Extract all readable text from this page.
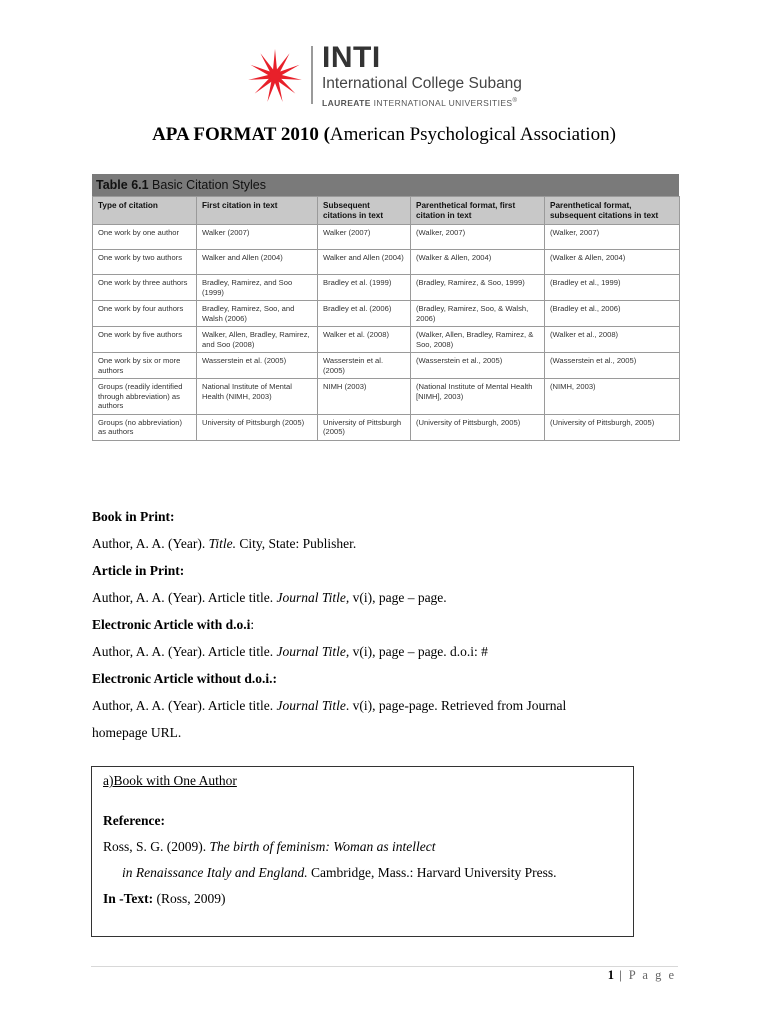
INTI
International College Subang
LAUREATE INTERNATIONAL UNIVERSITIES®
APA FORMAT 2010 (American Psychological Association)
Table 6.1 Basic Citation Styles
Type of citation	First citation in text	Subsequent citations in text	Parenthetical format, first citation in text	Parenthetical format, subsequent citations in text
One work by one author	Walker (2007)	Walker (2007)	(Walker, 2007)	(Walker, 2007)
One work by two authors	Walker and Allen (2004)	Walker and Allen (2004)	(Walker & Allen, 2004)	(Walker & Allen, 2004)
One work by three authors	Bradley, Ramirez, and Soo (1999)	Bradley et al. (1999)	(Bradley, Ramirez, & Soo, 1999)	(Bradley et al., 1999)
One work by four authors	Bradley, Ramirez, Soo, and Walsh (2006)	Bradley et al. (2006)	(Bradley, Ramirez, Soo, & Walsh, 2006)	(Bradley et al., 2006)
One work by five authors	Walker, Allen, Bradley, Ramirez, and Soo (2008)	Walker et al. (2008)	(Walker, Allen, Bradley, Ramirez, & Soo, 2008)	(Walker et al., 2008)
One work by six or more authors	Wasserstein et al. (2005)	Wasserstein et al. (2005)	(Wasserstein et al., 2005)	(Wasserstein et al., 2005)
Groups (readily identified through abbreviation) as authors	National Institute of Mental Health (NIMH, 2003)	NIMH (2003)	(National Institute of Mental Health [NIMH], 2003)	(NIMH, 2003)
Groups (no abbreviation) as authors	University of Pittsburgh (2005)	University of Pittsburgh (2005)	(University of Pittsburgh, 2005)	(University of Pittsburgh, 2005)
Book in Print:
Author, A. A. (Year). Title. City, State: Publisher.
Article in Print:
Author, A. A. (Year). Article title. Journal Title, v(i), page – page.
Electronic Article with d.o.i:
Author, A. A. (Year). Article title. Journal Title, v(i), page – page. d.o.i: #
Electronic Article without d.o.i.:
Author, A. A. (Year). Article title. Journal Title. v(i), page-page. Retrieved from Journal
homepage URL.
a)Book with One Author
Reference:
Ross, S. G. (2009). The birth of feminism: Woman as intellect
in Renaissance Italy and England. Cambridge, Mass.: Harvard University Press.
In -Text: (Ross, 2009)
1 | P a g e
